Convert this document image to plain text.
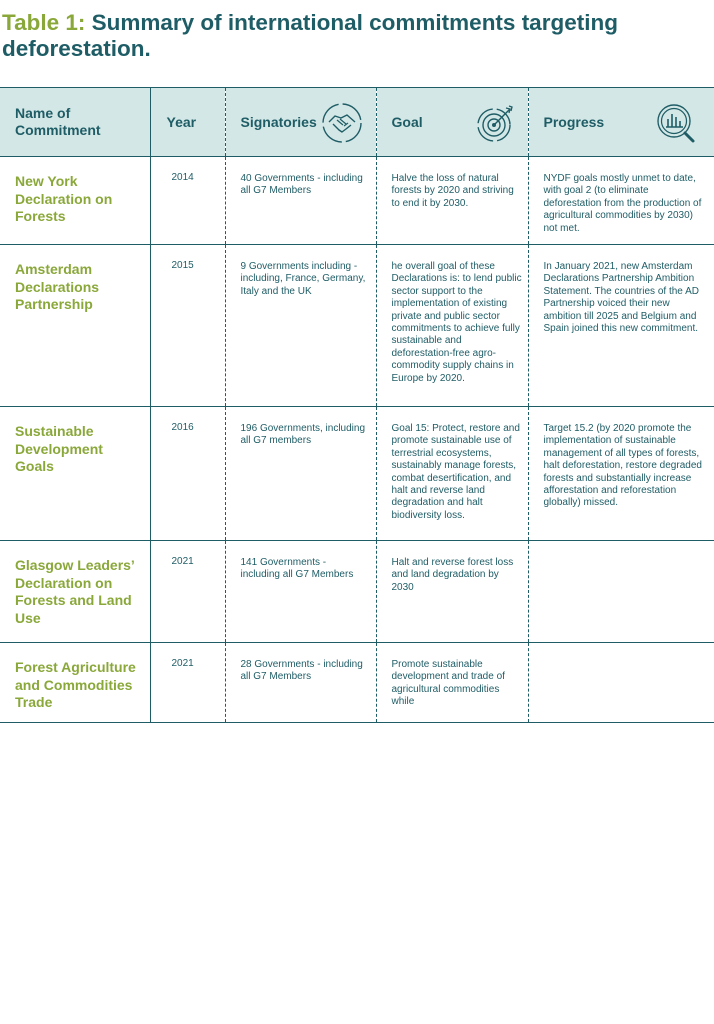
Table 1: Summary of international commitments targeting deforestation.
Name of Commitment	Year	Signatories	Goal	Progress

New York Declaration on Forests	2014	40 Governments - including all G7 Members	Halve the loss of natural forests by 2020 and striving to end it by 2030.	NYDF goals mostly unmet to date, with goal 2 (to eliminate deforestation from the production of agricultural commodities by 2030) not met.
Amsterdam Declarations Partnership	2015	9 Governments including - including, France, Germany, Italy and the UK	he overall goal of these Declarations is: to lend public sector support to the implementation of existing private and public sector commitments to achieve fully sustainable and deforestation-free agro-commodity supply chains in Europe by 2020.	In January 2021, new Amsterdam Declarations Partnership Ambition Statement. The countries of the AD Partnership voiced their new ambition till 2025 and Belgium and Spain joined this new commitment.
Sustainable Development Goals	2016	196 Governments, including all G7 members	Goal 15: Protect, restore and promote sustainable use of terrestrial ecosystems, sustainably manage forests, combat desertification, and halt and reverse land degradation and halt biodiversity loss.	Target 15.2 (by 2020 promote the implementation of sustainable management of all types of forests, halt deforestation, restore degraded forests and substantially increase afforestation and reforestation globally) missed.
Glasgow Leaders’ Declaration on Forests and Land Use	2021	141 Governments - including all G7 Members	Halt and reverse forest loss and land degradation by 2030	
Forest Agriculture and Commodities Trade	2021	28 Governments - including all G7 Members	Promote sustainable development and trade of agricultural commodities while	
